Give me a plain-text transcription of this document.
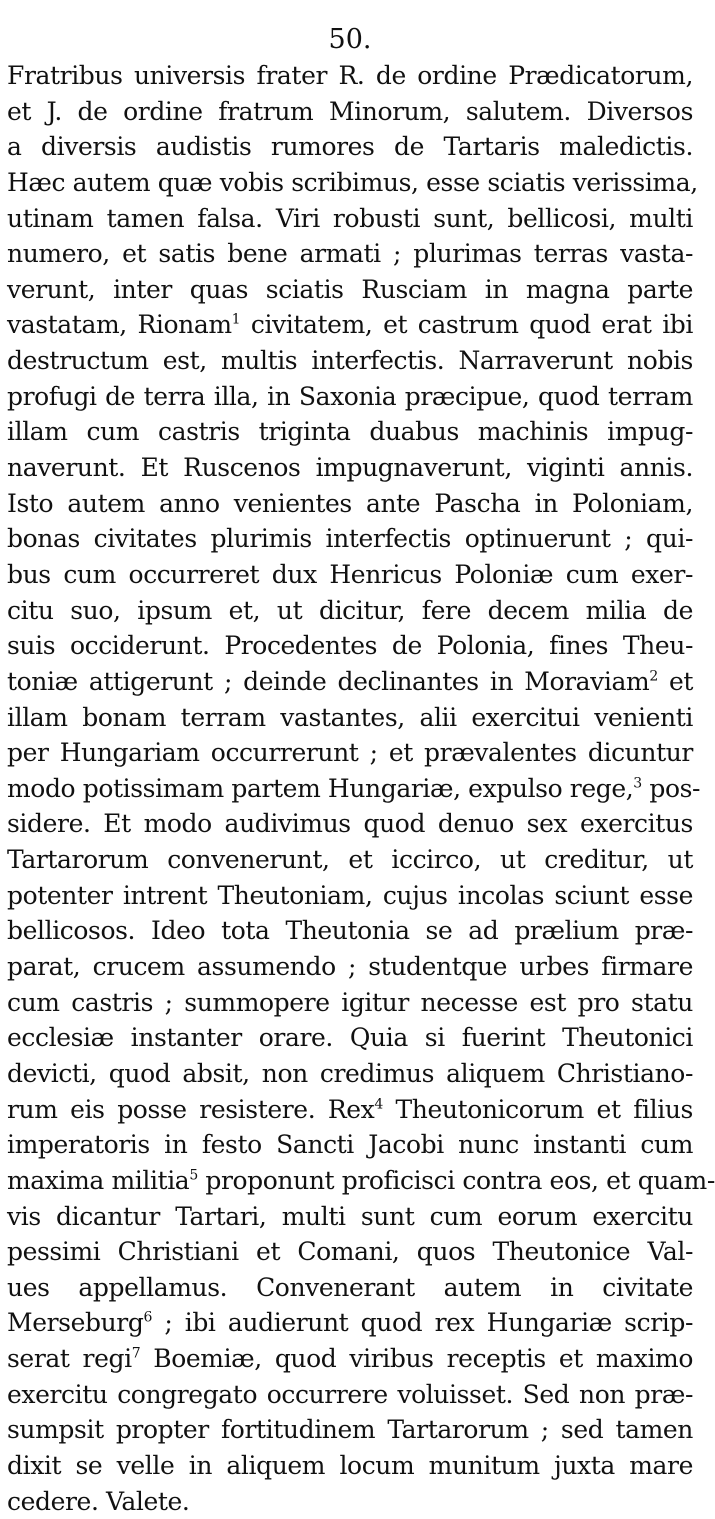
50.
Fratribus universis frater R. de ordine Prædicatorum,
et J. de ordine fratrum Minorum, salutem. Diversos
a diversis audistis rumores de Tartaris maledictis.
Hæc autem quæ vobis scribimus, esse sciatis verissima,
utinam tamen falsa. Viri robusti sunt, bellicosi, multi
numero, et satis bene armati ; plurimas terras vasta-
verunt, inter quas sciatis Rusciam in magna parte
vastatam, Rionam$^1$ civitatem, et castrum quod erat ibi
destructum est, multis interfectis. Narraverunt nobis
profugi de terra illa, in Saxonia præcipue, quod terram
illam cum castris triginta duabus machinis impug-
naverunt. Et Ruscenos impugnaverunt, viginti annis.
Isto autem anno venientes ante Pascha in Poloniam,
bonas civitates plurimis interfectis optinuerunt ; qui-
bus cum occurreret dux Henricus Poloniæ cum exer-
citu suo, ipsum et, ut dicitur, fere decem milia de
suis occiderunt. Procedentes de Polonia, fines Theu-
toniæ attigerunt ; deinde declinantes in Moraviam$^2$ et
illam bonam terram vastantes, alii exercitui venienti
per Hungariam occurrerunt ; et prævalentes dicuntur
modo potissimam partem Hungariæ, expulso rege,$^3$ pos-
sidere. Et modo audivimus quod denuo sex exercitus
Tartarorum convenerunt, et iccirco, ut creditur, ut
potenter intrent Theutoniam, cujus incolas sciunt esse
bellicosos. Ideo tota Theutonia se ad prælium præ-
parat, crucem assumendo ; studentque urbes firmare
cum castris ; summopere igitur necesse est pro statu
ecclesiæ instanter orare. Quia si fuerint Theutonici
devicti, quod absit, non credimus aliquem Christiano-
rum eis posse resistere. Rex$^4$ Theutonicorum et filius
imperatoris in festo Sancti Jacobi nunc instanti cum
maxima militia$^5$ proponunt proficisci contra eos, et quam-
vis dicantur Tartari, multi sunt cum eorum exercitu
pessimi Christiani et Comani, quos Theutonice Val-
ues appellamus. Convenerant autem in civitate
Merseburg$^6$ ; ibi audierunt quod rex Hungariæ scrip-
serat regi$^7$ Boemiæ, quod viribus receptis et maximo
exercitu congregato occurrere voluisset. Sed non præ-
sumpsit propter fortitudinem Tartarorum ; sed tamen
dixit se velle in aliquem locum munitum juxta mare
cedere. Valete.
